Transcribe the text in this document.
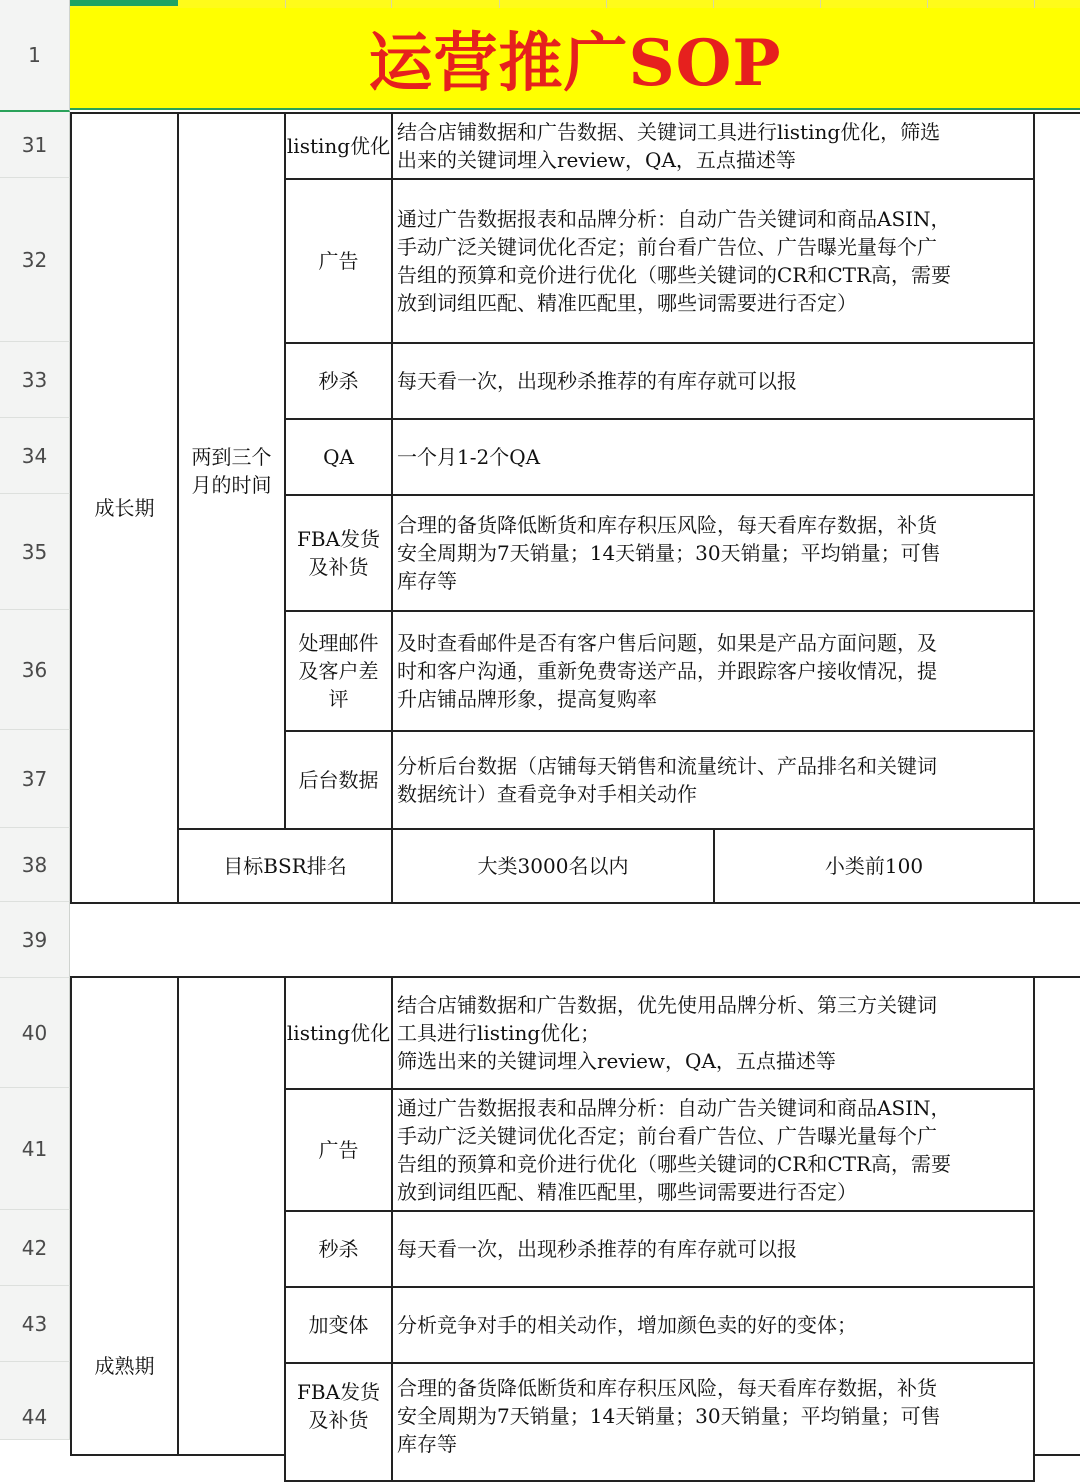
1
31
32
33
34
35
36
37
38
39
40
41
42
43
44
运营推广SOP
成长期
两到三个
月的时间
listing优化
结合店铺数据和广告数据、关键词工具进行listing优化，筛选
出来的关键词埋入review，QA，五点描述等
广告
通过广告数据报表和品牌分析：自动广告关键词和商品ASIN，
手动广泛关键词优化否定；前台看广告位、广告曝光量每个广
告组的预算和竞价进行优化（哪些关键词的CR和CTR高，需要
放到词组匹配、精准匹配里，哪些词需要进行否定）
秒杀 每天看一次，出现秒杀推荐的有库存就可以报
QA 一个月1-2个QA
FBA发货
及补货
合理的备货降低断货和库存积压风险，每天看库存数据，补货
安全周期为7天销量；14天销量；30天销量；平均销量；可售
库存等
处理邮件
及客户差
评
及时查看邮件是否有客户售后问题，如果是产品方面问题，及
时和客户沟通，重新免费寄送产品，并跟踪客户接收情况，提
升店铺品牌形象，提高复购率
后台数据
分析后台数据（店铺每天销售和流量统计、产品排名和关键词
数据统计）查看竞争对手相关动作
目标BSR排名	大类3000名以内	小类前100
成熟期
listing优化
结合店铺数据和广告数据，优先使用品牌分析、第三方关键词
工具进行listing优化；
筛选出来的关键词埋入review，QA，五点描述等
广告
通过广告数据报表和品牌分析：自动广告关键词和商品ASIN，
手动广泛关键词优化否定；前台看广告位、广告曝光量每个广
告组的预算和竞价进行优化（哪些关键词的CR和CTR高，需要
放到词组匹配、精准匹配里，哪些词需要进行否定）
秒杀 每天看一次，出现秒杀推荐的有库存就可以报
加变体 分析竞争对手的相关动作，增加颜色卖的好的变体；
FBA发货
及补货
合理的备货降低断货和库存积压风险，每天看库存数据，补货
安全周期为7天销量；14天销量；30天销量；平均销量；可售
库存等
